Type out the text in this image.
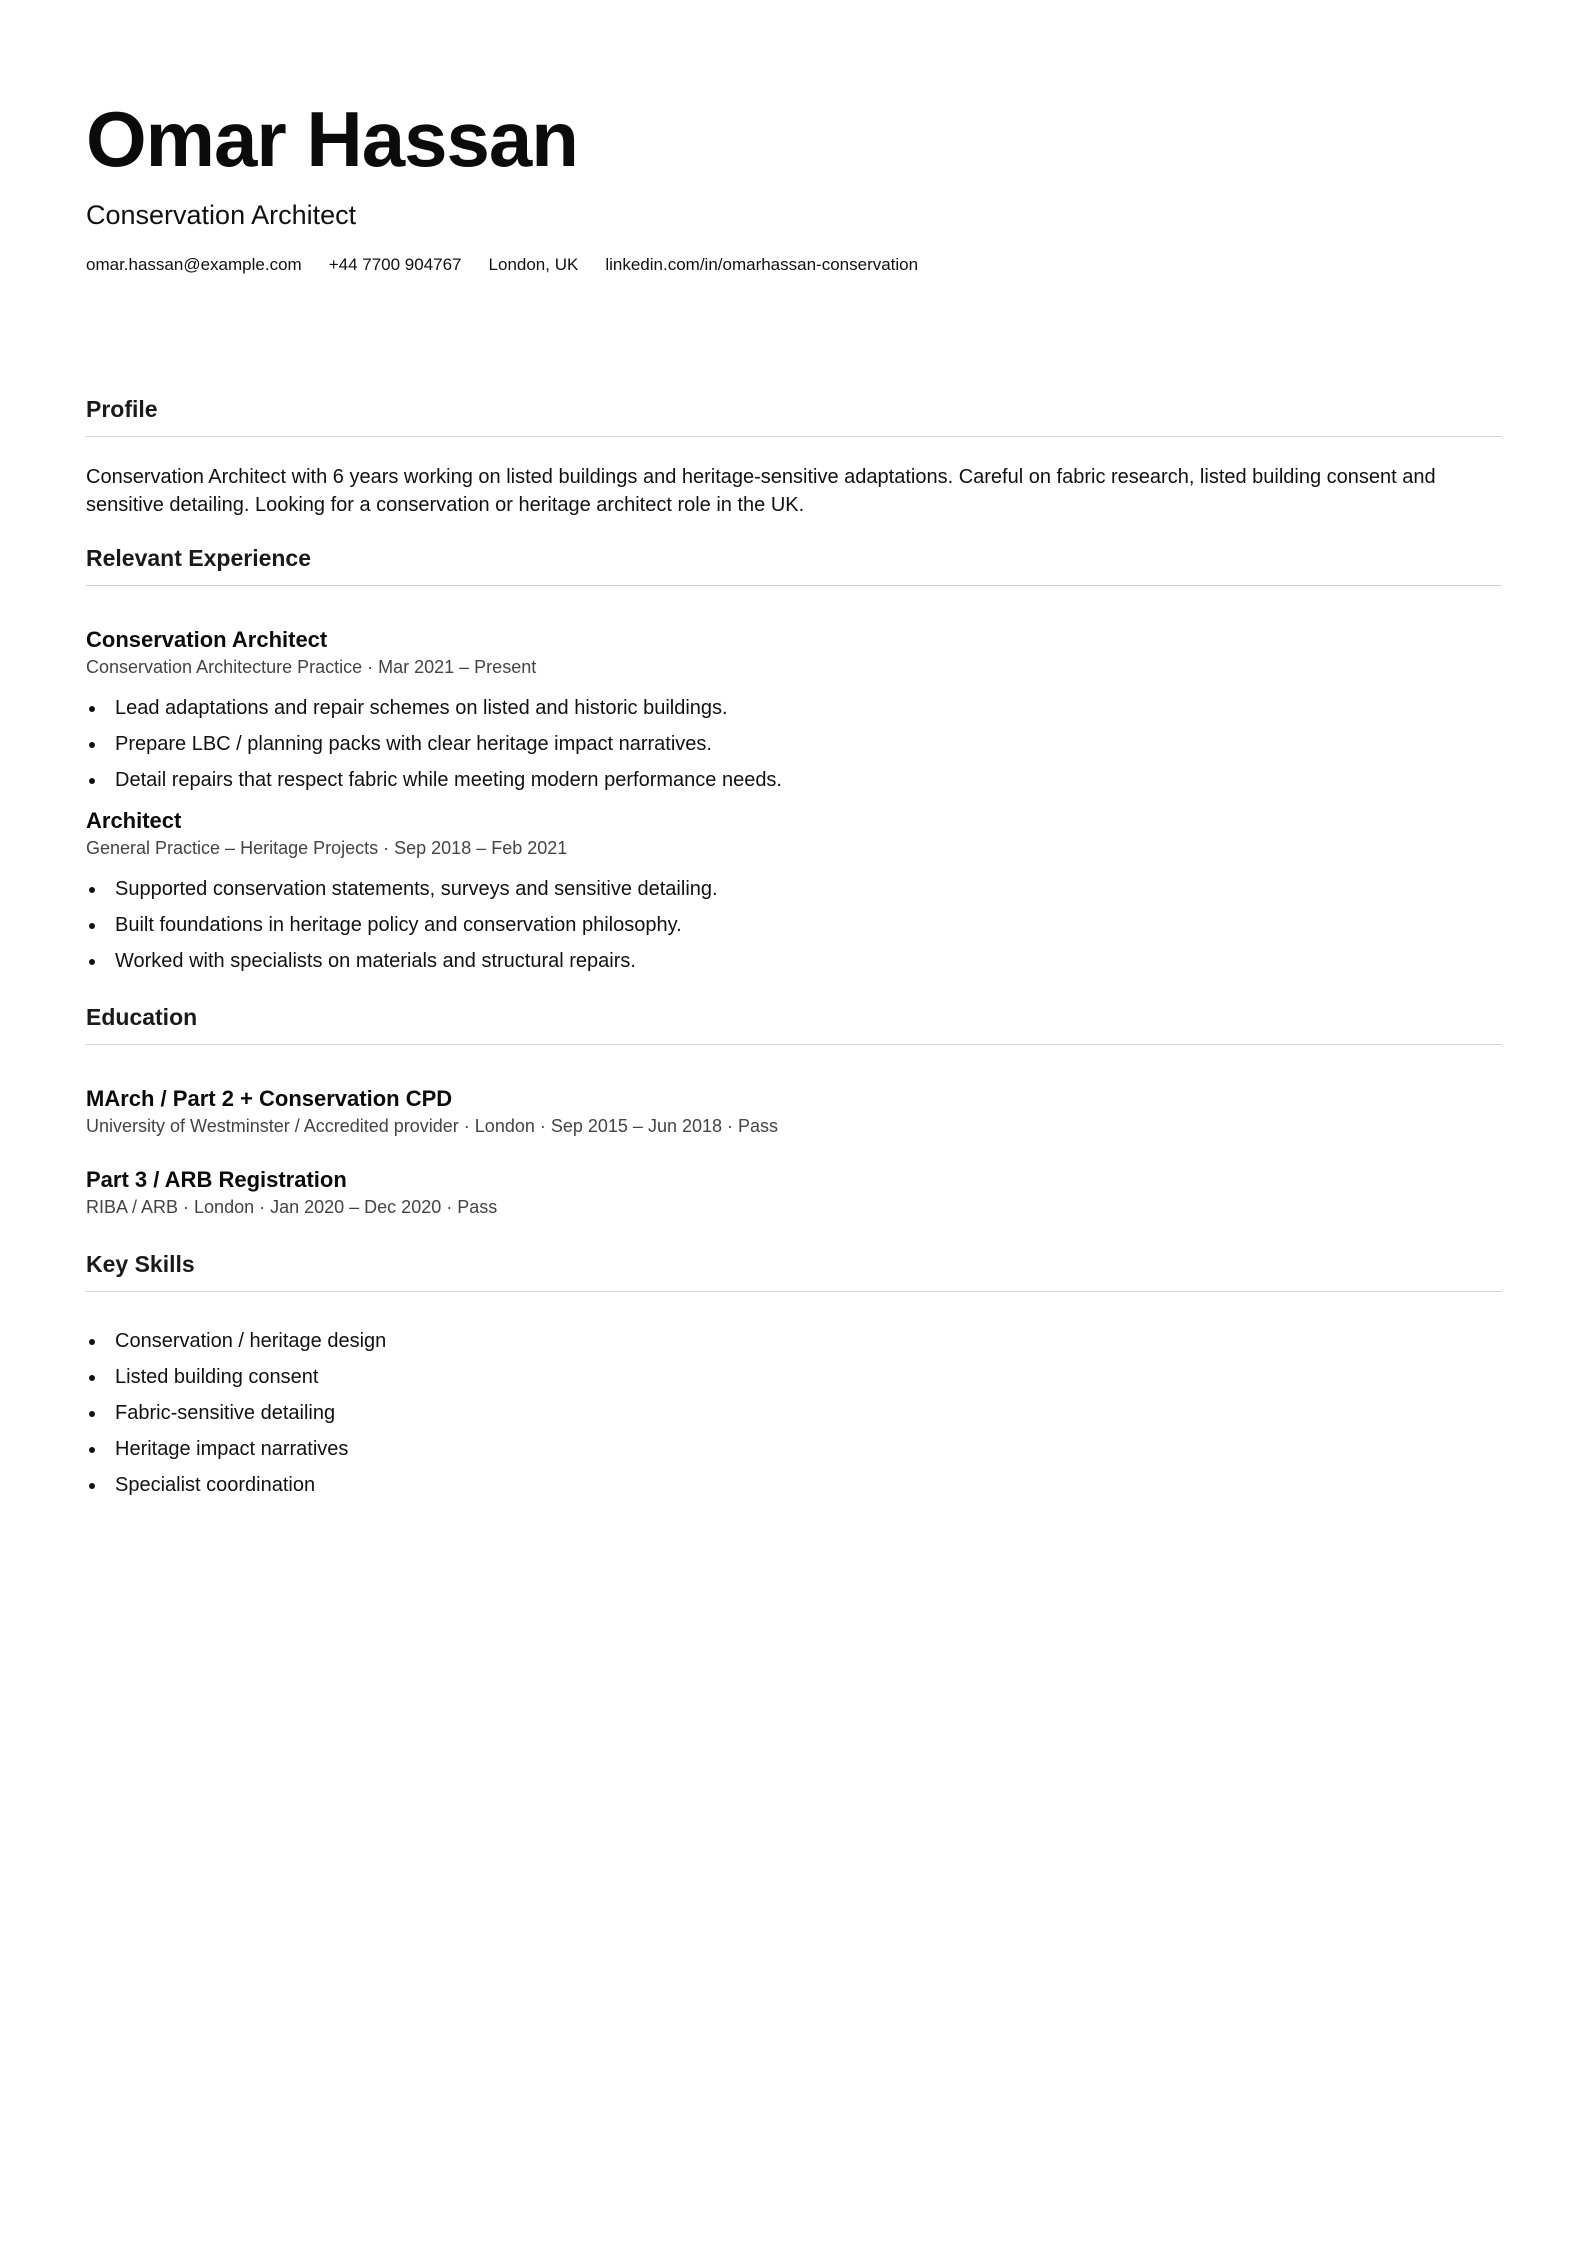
Omar Hassan
Conservation Architect
omar.hassan@example.com +44 7700 904767 London, UK linkedin.com/in/omarhassan-conservation
Profile

Conservation Architect with 6 years working on listed buildings and heritage-sensitive adaptations. Careful on fabric research, listed building consent and sensitive detailing. Looking for a conservation or heritage architect role in the UK.

Relevant Experience
Conservation Architect
Conservation Architecture Practice · Mar 2021 – Present
Lead adaptations and repair schemes on listed and historic buildings.
Prepare LBC / planning packs with clear heritage impact narratives.
Detail repairs that respect fabric while meeting modern performance needs.
Architect
General Practice – Heritage Projects · Sep 2018 – Feb 2021
Supported conservation statements, surveys and sensitive detailing.
Built foundations in heritage policy and conservation philosophy.
Worked with specialists on materials and structural repairs.
Education
MArch / Part 2 + Conservation CPD
University of Westminster / Accredited provider · London · Sep 2015 – Jun 2018 · Pass
Part 3 / ARB Registration
RIBA / ARB · London · Jan 2020 – Dec 2020 · Pass
Key Skills
Conservation / heritage design
Listed building consent
Fabric-sensitive detailing
Heritage impact narratives
Specialist coordination
